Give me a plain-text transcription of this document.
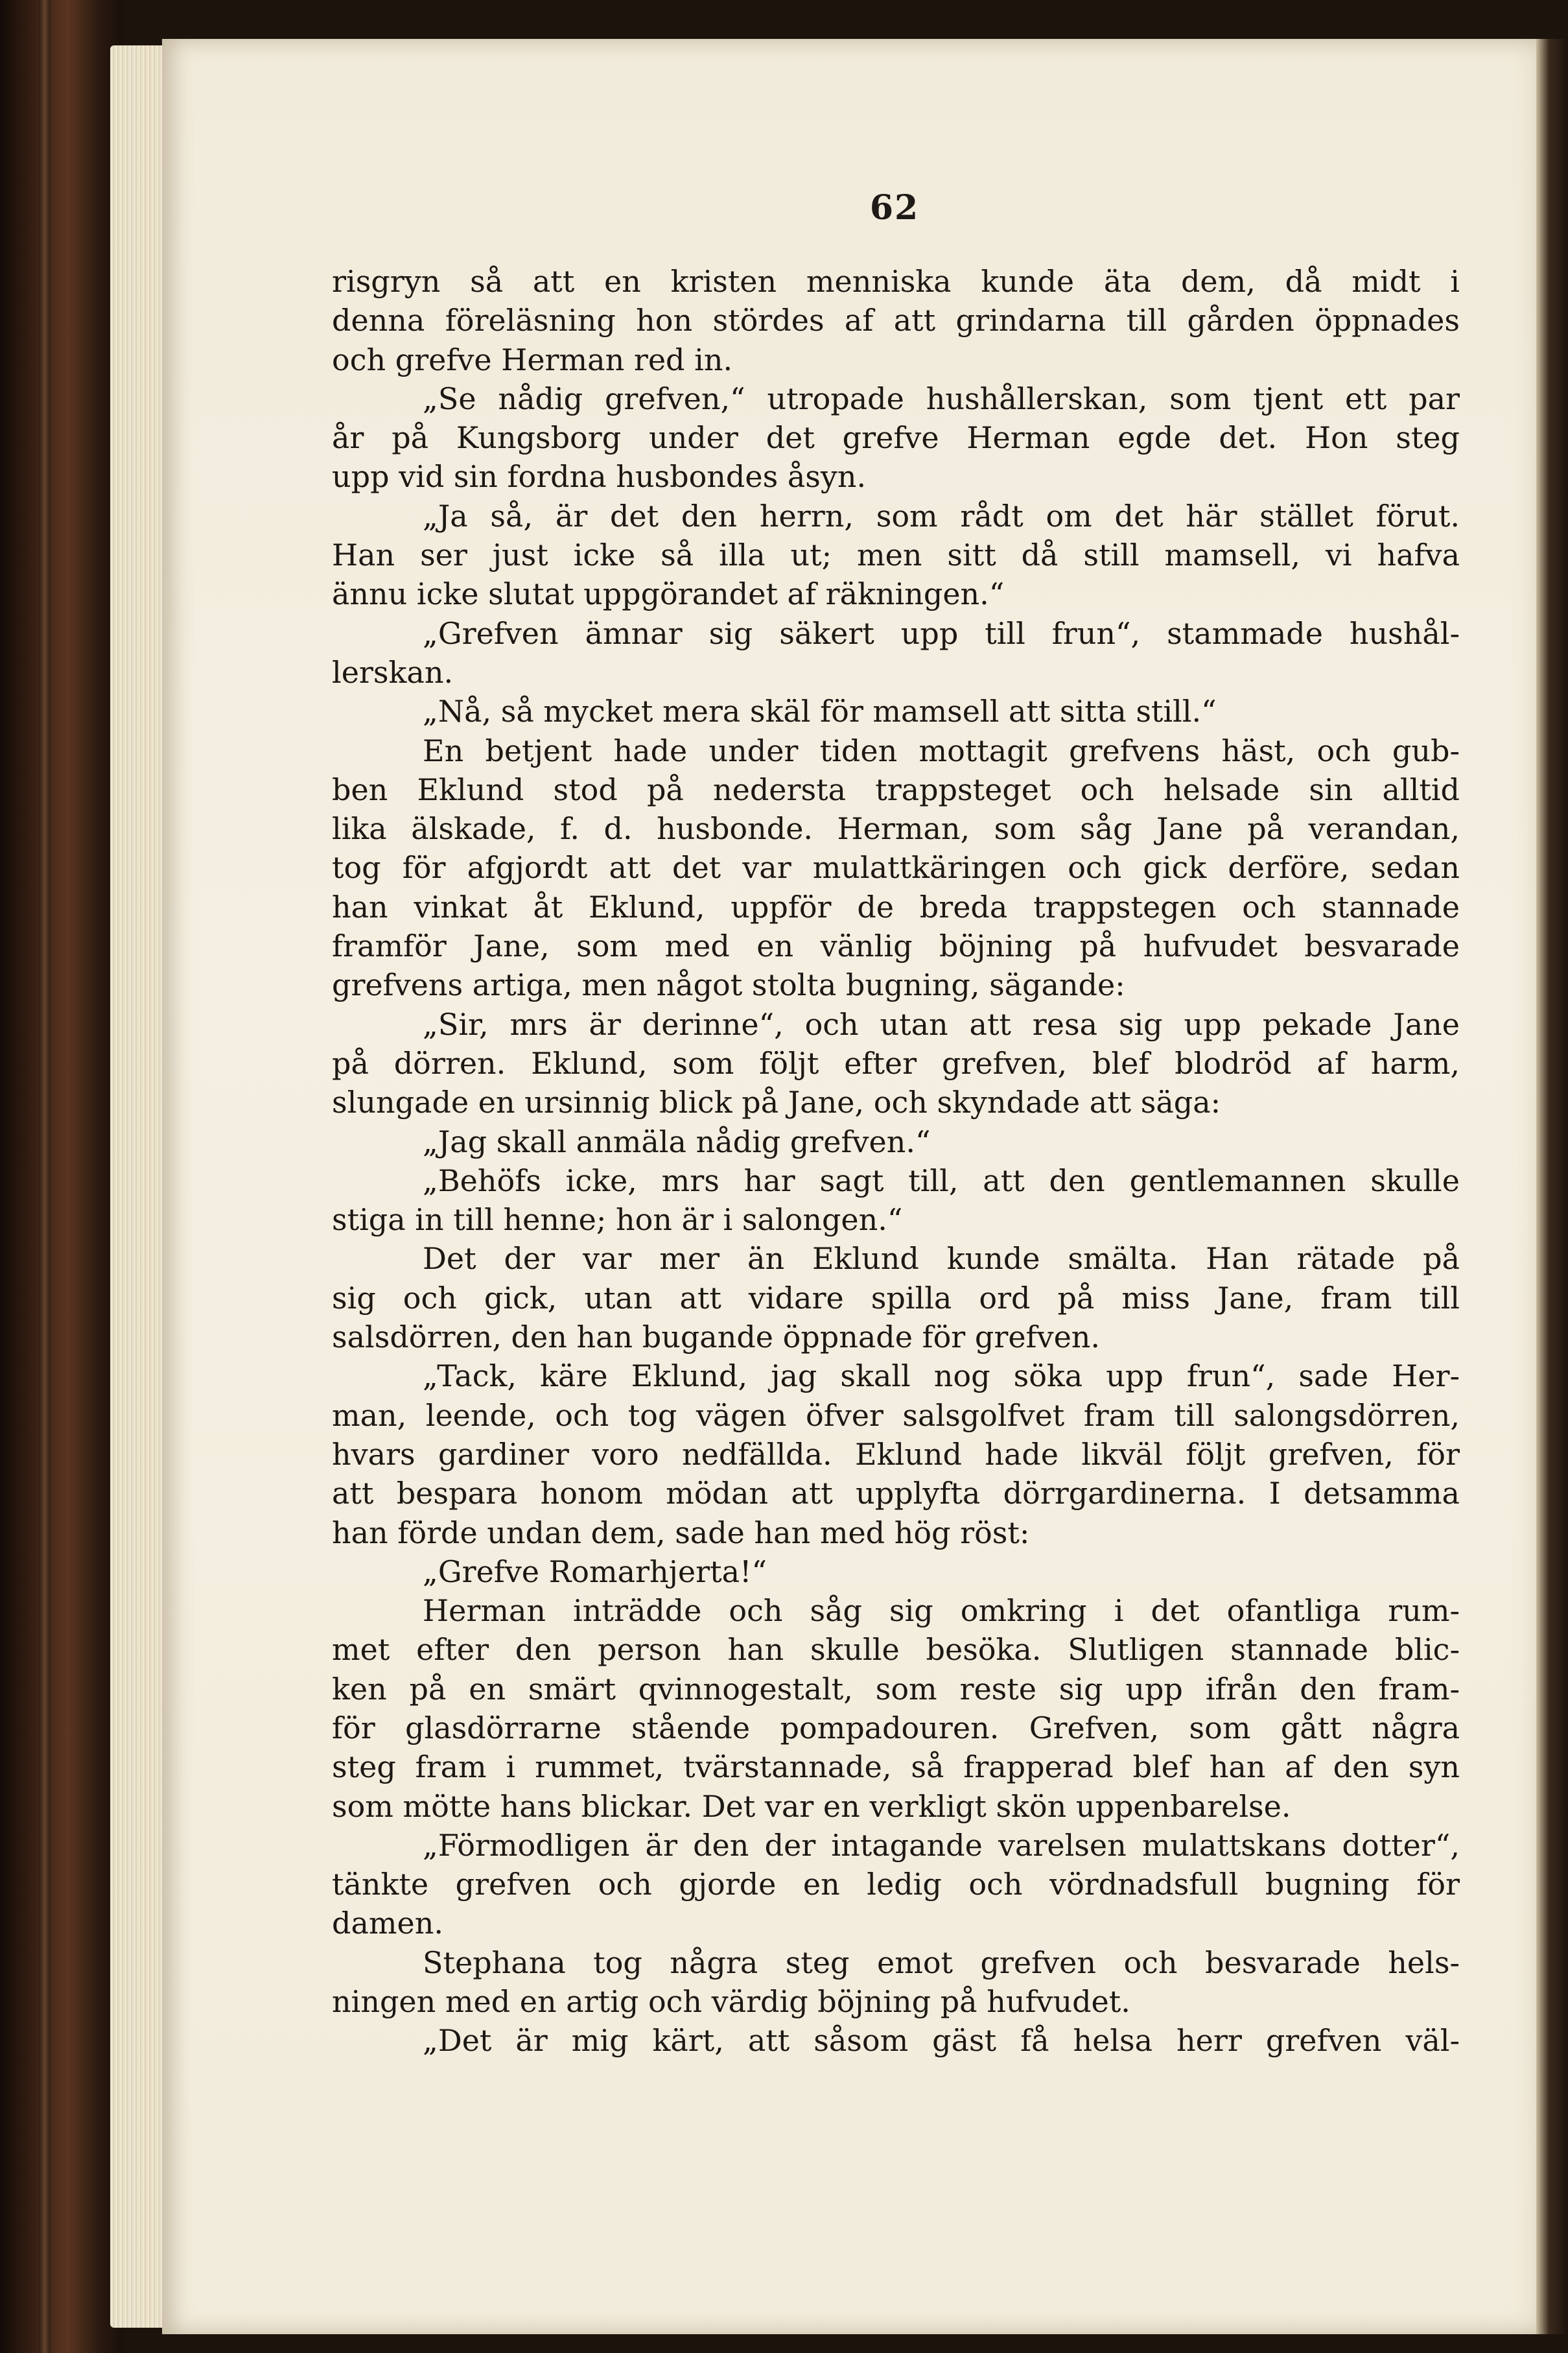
62
risgryn så att en kristen menniska kunde äta dem, då midt i
denna föreläsning hon stördes af att grindarna till gården öppnades
och grefve Herman red in.
„Se nådig grefven,“ utropade hushållerskan, som tjent ett par
år på Kungsborg under det grefve Herman egde det. Hon steg
upp vid sin fordna husbondes åsyn.
„Ja så, är det den herrn, som rådt om det här stället förut.
Han ser just icke så illa ut; men sitt då still mamsell, vi hafva
ännu icke slutat uppgörandet af räkningen.“
„Grefven ämnar sig säkert upp till frun“, stammade hushål-
lerskan.
„Nå, så mycket mera skäl för mamsell att sitta still.“
En betjent hade under tiden mottagit grefvens häst, och gub-
ben Eklund stod på nedersta trappsteget och helsade sin alltid
lika älskade, f. d. husbonde. Herman, som såg Jane på verandan,
tog för afgjordt att det var mulattkäringen och gick derföre, sedan
han vinkat åt Eklund, uppför de breda trappstegen och stannade
framför Jane, som med en vänlig böjning på hufvudet besvarade
grefvens artiga, men något stolta bugning, sägande:
„Sir, mrs är derinne“, och utan att resa sig upp pekade Jane
på dörren. Eklund, som följt efter grefven, blef blodröd af harm,
slungade en ursinnig blick på Jane, och skyndade att säga:
„Jag skall anmäla nådig grefven.“
„Behöfs icke, mrs har sagt till, att den gentlemannen skulle
stiga in till henne; hon är i salongen.“
Det der var mer än Eklund kunde smälta. Han rätade på
sig och gick, utan att vidare spilla ord på miss Jane, fram till
salsdörren, den han bugande öppnade för grefven.
„Tack, käre Eklund, jag skall nog söka upp frun“, sade Her-
man, leende, och tog vägen öfver salsgolfvet fram till salongsdörren,
hvars gardiner voro nedfällda. Eklund hade likväl följt grefven, för
att bespara honom mödan att upplyfta dörrgardinerna. I detsamma
han förde undan dem, sade han med hög röst:
„Grefve Romarhjerta!“
Herman inträdde och såg sig omkring i det ofantliga rum-
met efter den person han skulle besöka. Slutligen stannade blic-
ken på en smärt qvinnogestalt, som reste sig upp ifrån den fram-
för glasdörrarne stående pompadouren. Grefven, som gått några
steg fram i rummet, tvärstannade, så frapperad blef han af den syn
som mötte hans blickar. Det var en verkligt skön uppenbarelse.
„Förmodligen är den der intagande varelsen mulattskans dotter“,
tänkte grefven och gjorde en ledig och vördnadsfull bugning för
damen.
Stephana tog några steg emot grefven och besvarade hels-
ningen med en artig och värdig böjning på hufvudet.
„Det är mig kärt, att såsom gäst få helsa herr grefven väl-
